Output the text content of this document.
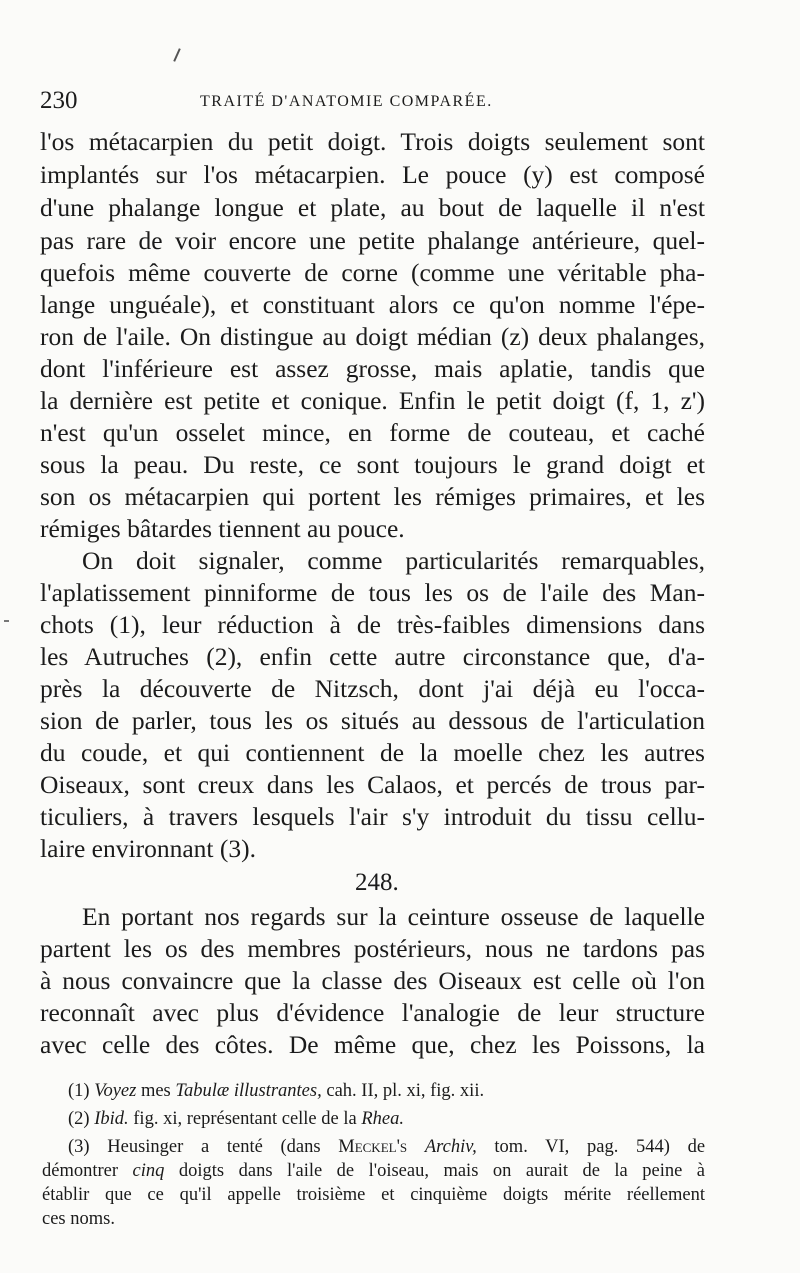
230	TRAITÉ D'ANATOMIE COMPARÉE.
l'os métacarpien du petit doigt. Trois doigts seulement sont
implantés sur l'os métacarpien. Le pouce (y) est composé
d'une phalange longue et plate, au bout de laquelle il n'est
pas rare de voir encore une petite phalange antérieure, quel-
quefois même couverte de corne (comme une véritable pha-
lange unguéale), et constituant alors ce qu'on nomme l'épe-
ron de l'aile. On distingue au doigt médian (z) deux phalanges,
dont l'inférieure est assez grosse, mais aplatie, tandis que
la dernière est petite et conique. Enfin le petit doigt (f, 1, z')
n'est qu'un osselet mince, en forme de couteau, et caché
sous la peau. Du reste, ce sont toujours le grand doigt et
son os métacarpien qui portent les rémiges primaires, et les
rémiges bâtardes tiennent au pouce.
On doit signaler, comme particularités remarquables,
l'aplatissement pinniforme de tous les os de l'aile des Man-
chots (1), leur réduction à de très-faibles dimensions dans
les Autruches (2), enfin cette autre circonstance que, d'a-
près la découverte de Nitzsch, dont j'ai déjà eu l'occa-
sion de parler, tous les os situés au dessous de l'articulation
du coude, et qui contiennent de la moelle chez les autres
Oiseaux, sont creux dans les Calaos, et percés de trous par-
ticuliers, à travers lesquels l'air s'y introduit du tissu cellu-
laire environnant (3).
248.
En portant nos regards sur la ceinture osseuse de laquelle
partent les os des membres postérieurs, nous ne tardons pas
à nous convaincre que la classe des Oiseaux est celle où l'on
reconnaît avec plus d'évidence l'analogie de leur structure
avec celle des côtes. De même que, chez les Poissons, la
(1) Voyez mes Tabulæ illustrantes, cah. II, pl. xi, fig. xii.
(2) Ibid. fig. xi, représentant celle de la Rhea.
(3) Heusinger a tenté (dans Meckel's Archiv, tom. VI, pag. 544) de
démontrer cinq doigts dans l'aile de l'oiseau, mais on aurait de la peine à
établir que ce qu'il appelle troisième et cinquième doigts mérite réellement
ces noms.
